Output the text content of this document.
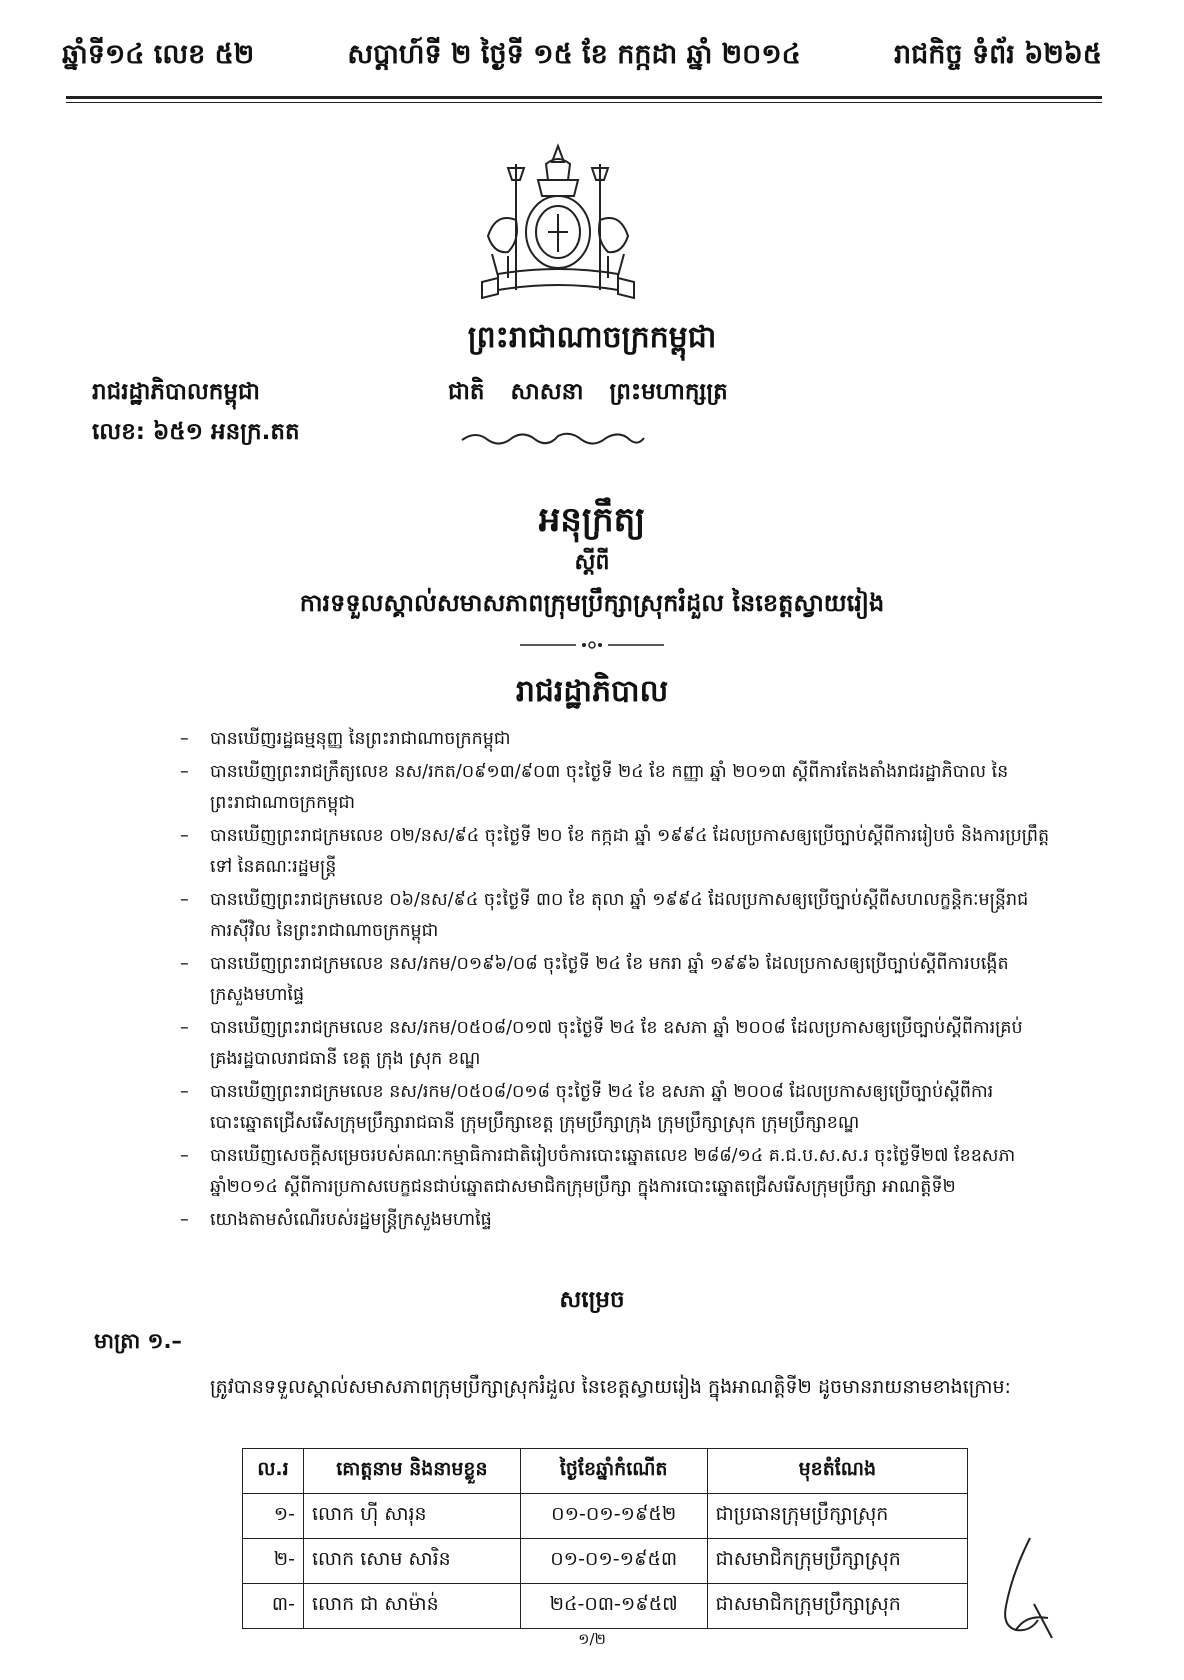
ឆ្នាំទី១៤ លេខ ៥២	សប្តាហ៍ទី ២ ថ្ងៃទី ១៥ ខែ កក្កដា ឆ្នាំ ២០១៤	រាជកិច្ច ទំព័រ ៦២៦៥
ព្រះរាជាណាចក្រកម្ពុជា
រាជរដ្ឋាភិបាលកម្ពុជា	ជាតិ សាសនា ព្រះមហាក្សត្រ
លេខ: ៦៥១ អនក្រ.តត
អនុក្រឹត្យ
ស្តីពី
ការទទួលស្គាល់សមាសភាពក្រុមប្រឹក្សាស្រុករំដួល នៃខេត្តស្វាយរៀង
រាជរដ្ឋាភិបាល
– បានឃើញរដ្ឋធម្មនុញ្ញ នៃព្រះរាជាណាចក្រកម្ពុជា
– បានឃើញព្រះរាជក្រឹត្យលេខ នស/រកត/០៩១៣/៩០៣ ចុះថ្ងៃទី ២៤ ខែ កញ្ញា ឆ្នាំ ២០១៣ ស្តីពីការតែងតាំងរាជរដ្ឋាភិបាល នៃព្រះរាជាណាចក្រកម្ពុជា
– បានឃើញព្រះរាជក្រមលេខ ០២/នស/៩៤ ចុះថ្ងៃទី ២០ ខែ កក្កដា ឆ្នាំ ១៩៩៤ ដែលប្រកាសឲ្យប្រើច្បាប់ស្តីពីការរៀបចំ និងការប្រព្រឹត្តទៅ នៃគណៈរដ្ឋមន្ត្រី
– បានឃើញព្រះរាជក្រមលេខ ០៦/នស/៩៤ ចុះថ្ងៃទី ៣០ ខែ តុលា ឆ្នាំ ១៩៩៤ ដែលប្រកាសឲ្យប្រើច្បាប់ស្តីពីសហលក្ខន្តិកៈមន្ត្រីរាជការស៊ីវិល នៃព្រះរាជាណាចក្រកម្ពុជា
– បានឃើញព្រះរាជក្រមលេខ នស/រកម/០១៩៦/០៨ ចុះថ្ងៃទី ២៤ ខែ មករា ឆ្នាំ ១៩៩៦ ដែលប្រកាសឲ្យប្រើច្បាប់ស្តីពីការបង្កើតក្រសួងមហាផ្ទៃ
– បានឃើញព្រះរាជក្រមលេខ នស/រកម/០៥០៨/០១៧ ចុះថ្ងៃទី ២៤ ខែ ឧសភា ឆ្នាំ ២០០៨ ដែលប្រកាសឲ្យប្រើច្បាប់ស្តីពីការគ្រប់គ្រងរដ្ឋបាលរាជធានី ខេត្ត ក្រុង ស្រុក ខណ្ឌ
– បានឃើញព្រះរាជក្រមលេខ នស/រកម/០៥០៨/០១៨ ចុះថ្ងៃទី ២៤ ខែ ឧសភា ឆ្នាំ ២០០៨ ដែលប្រកាសឲ្យប្រើច្បាប់ស្តីពីការបោះឆ្នោតជ្រើសរើសក្រុមប្រឹក្សារាជធានី ក្រុមប្រឹក្សាខេត្ត ក្រុមប្រឹក្សាក្រុង ក្រុមប្រឹក្សាស្រុក ក្រុមប្រឹក្សាខណ្ឌ
– បានឃើញសេចក្តីសម្រេចរបស់គណៈកម្មាធិការជាតិរៀបចំការបោះឆ្នោតលេខ ២៨៨/១៤ គ.ជ.ប.ស.ស.រ ចុះថ្ងៃទី២៧ ខែឧសភា ឆ្នាំ២០១៤ ស្តីពីការប្រកាសបេក្ខជនជាប់ឆ្នោតជាសមាជិកក្រុមប្រឹក្សា ក្នុងការបោះឆ្នោតជ្រើសរើសក្រុមប្រឹក្សា អាណត្តិទី២
– យោងតាមសំណើរបស់រដ្ឋមន្ត្រីក្រសួងមហាផ្ទៃ
សម្រេច
មាត្រា ១.–
ត្រូវបានទទួលស្គាល់សមាសភាពក្រុមប្រឹក្សាស្រុករំដួល នៃខេត្តស្វាយរៀង ក្នុងអាណត្តិទី២ ដូចមានរាយនាមខាងក្រោម:
ល.រ	គោត្តនាម និងនាមខ្លួន	ថ្ងៃខែឆ្នាំកំណើត	មុខតំណែង
១-	លោក ហ៊ី សារុន	០១-០១-១៩៥២	ជាប្រធានក្រុមប្រឹក្សាស្រុក
២-	លោក សោម សារិន	០១-០១-១៩៥៣	ជាសមាជិកក្រុមប្រឹក្សាស្រុក
៣-	លោក ជា សាម៉ាន់	២៤-០៣-១៩៥៧	ជាសមាជិកក្រុមប្រឹក្សាស្រុក
១/២
